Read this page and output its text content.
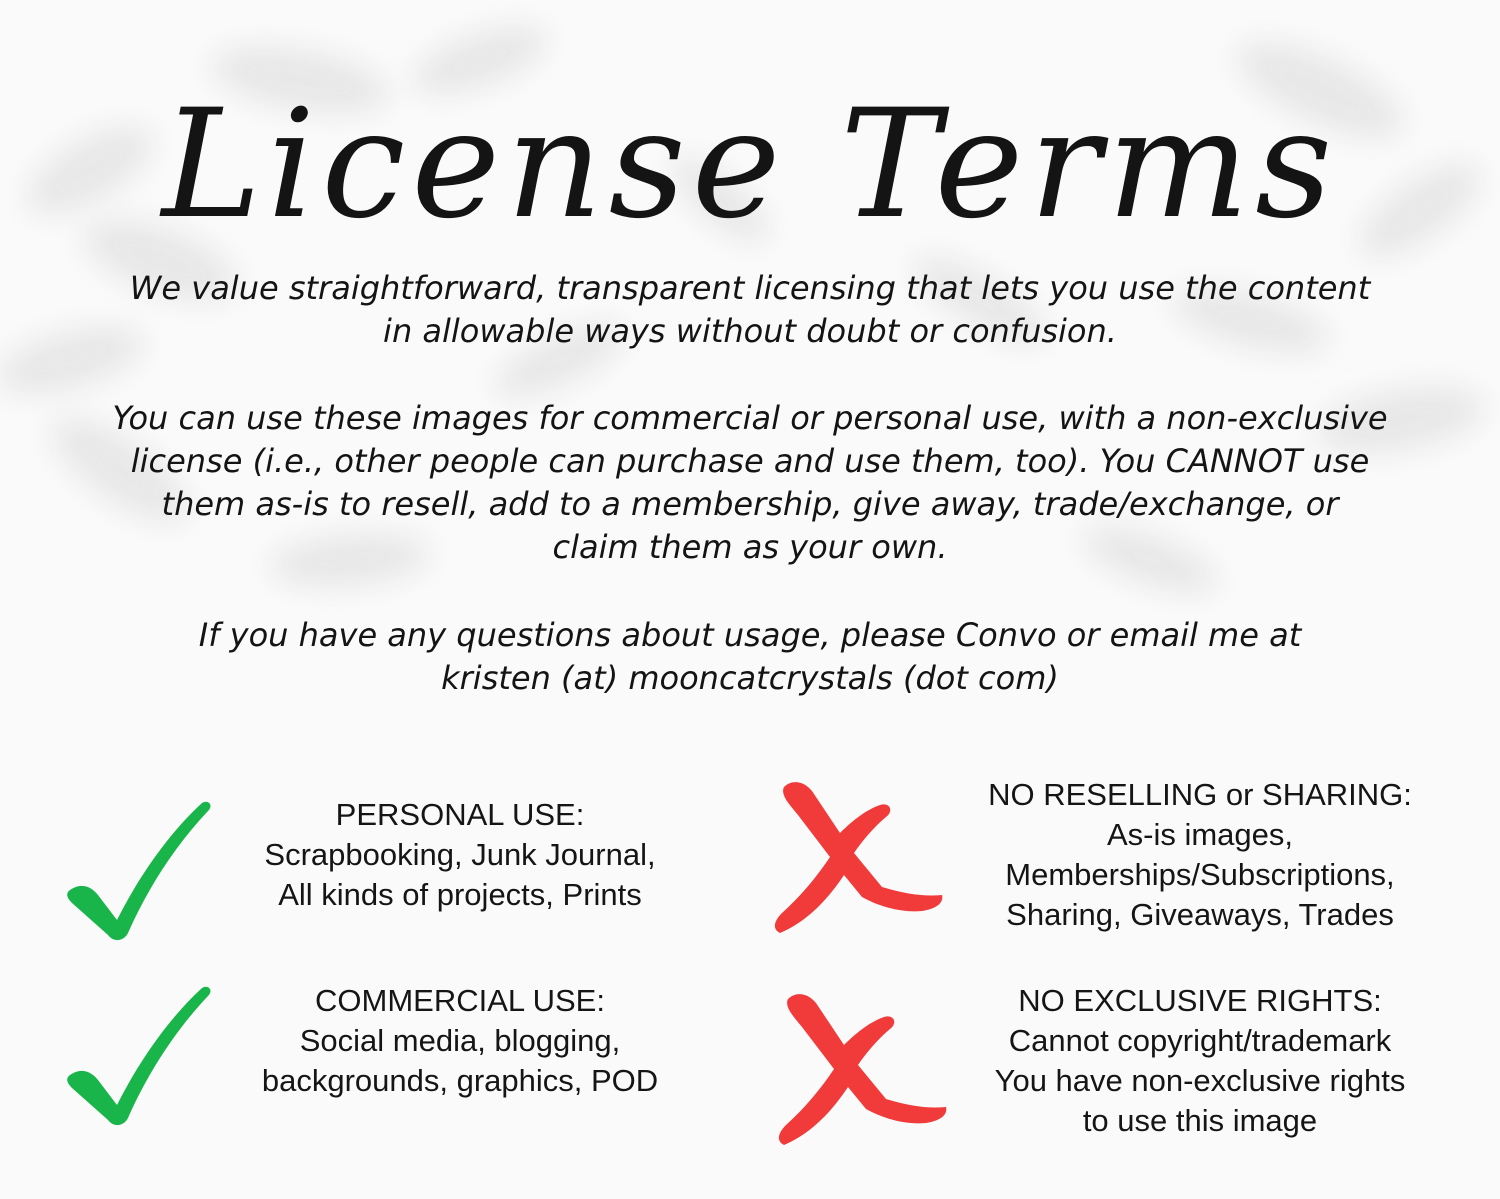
License Terms
We value straightforward, transparent licensing that lets you use the content
in allowable ways without doubt or confusion.
You can use these images for commercial or personal use, with a non-exclusive
license (i.e., other people can purchase and use them, too). You CANNOT use
them as-is to resell, add to a membership, give away, trade/exchange, or
claim them as your own.
If you have any questions about usage, please Convo or email me at
kristen (at) mooncatcrystals (dot com)
PERSONAL USE:
Scrapbooking, Junk Journal,
All kinds of projects, Prints
COMMERCIAL USE:
Social media, blogging,
backgrounds, graphics, POD
NO RESELLING or SHARING:
As-is images,
Memberships/Subscriptions,
Sharing, Giveaways, Trades
NO EXCLUSIVE RIGHTS:
Cannot copyright/trademark
You have non-exclusive rights
to use this image
